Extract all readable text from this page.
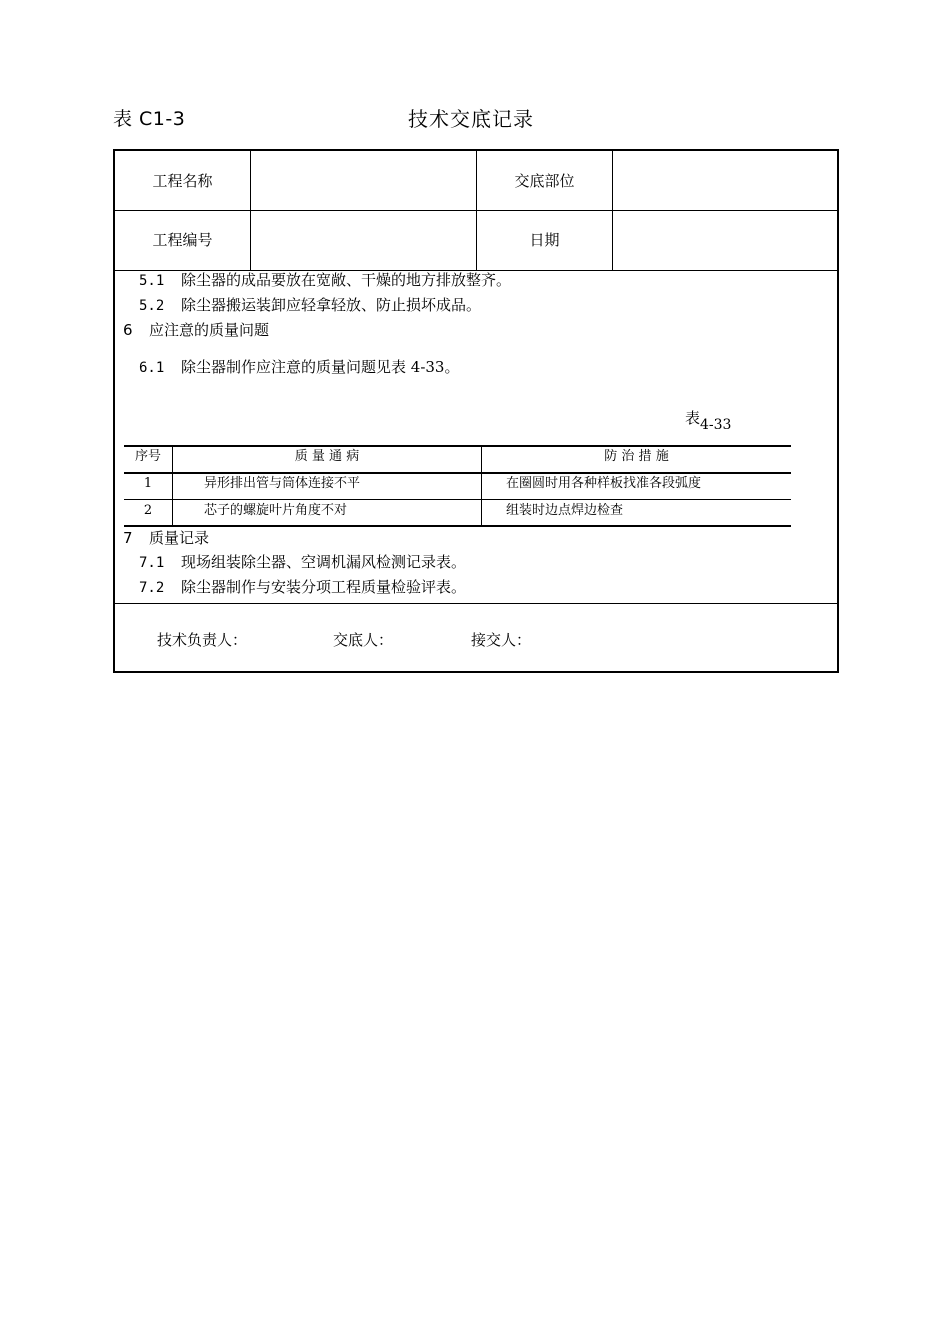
表 C1-3	技术交底记录
工程名称	交底部位
工程编号	日期
5.1 除尘器的成品要放在宽敞、干燥的地方排放整齐。
5.2 除尘器搬运装卸应轻拿轻放、防止损坏成品。
6 应注意的质量问题
6.1 除尘器制作应注意的质量问题见表 4-33。
表4-33
序号	质 量 通 病	防 治 措 施
1	异形排出管与筒体连接不平	在圈圆时用各种样板找准各段弧度
2	芯子的螺旋叶片角度不对	组装时边点焊边检查
7 质量记录
7.1 现场组装除尘器、空调机漏风检测记录表。
7.2 除尘器制作与安装分项工程质量检验评表。
技术负责人：	交底人：	接交人：
